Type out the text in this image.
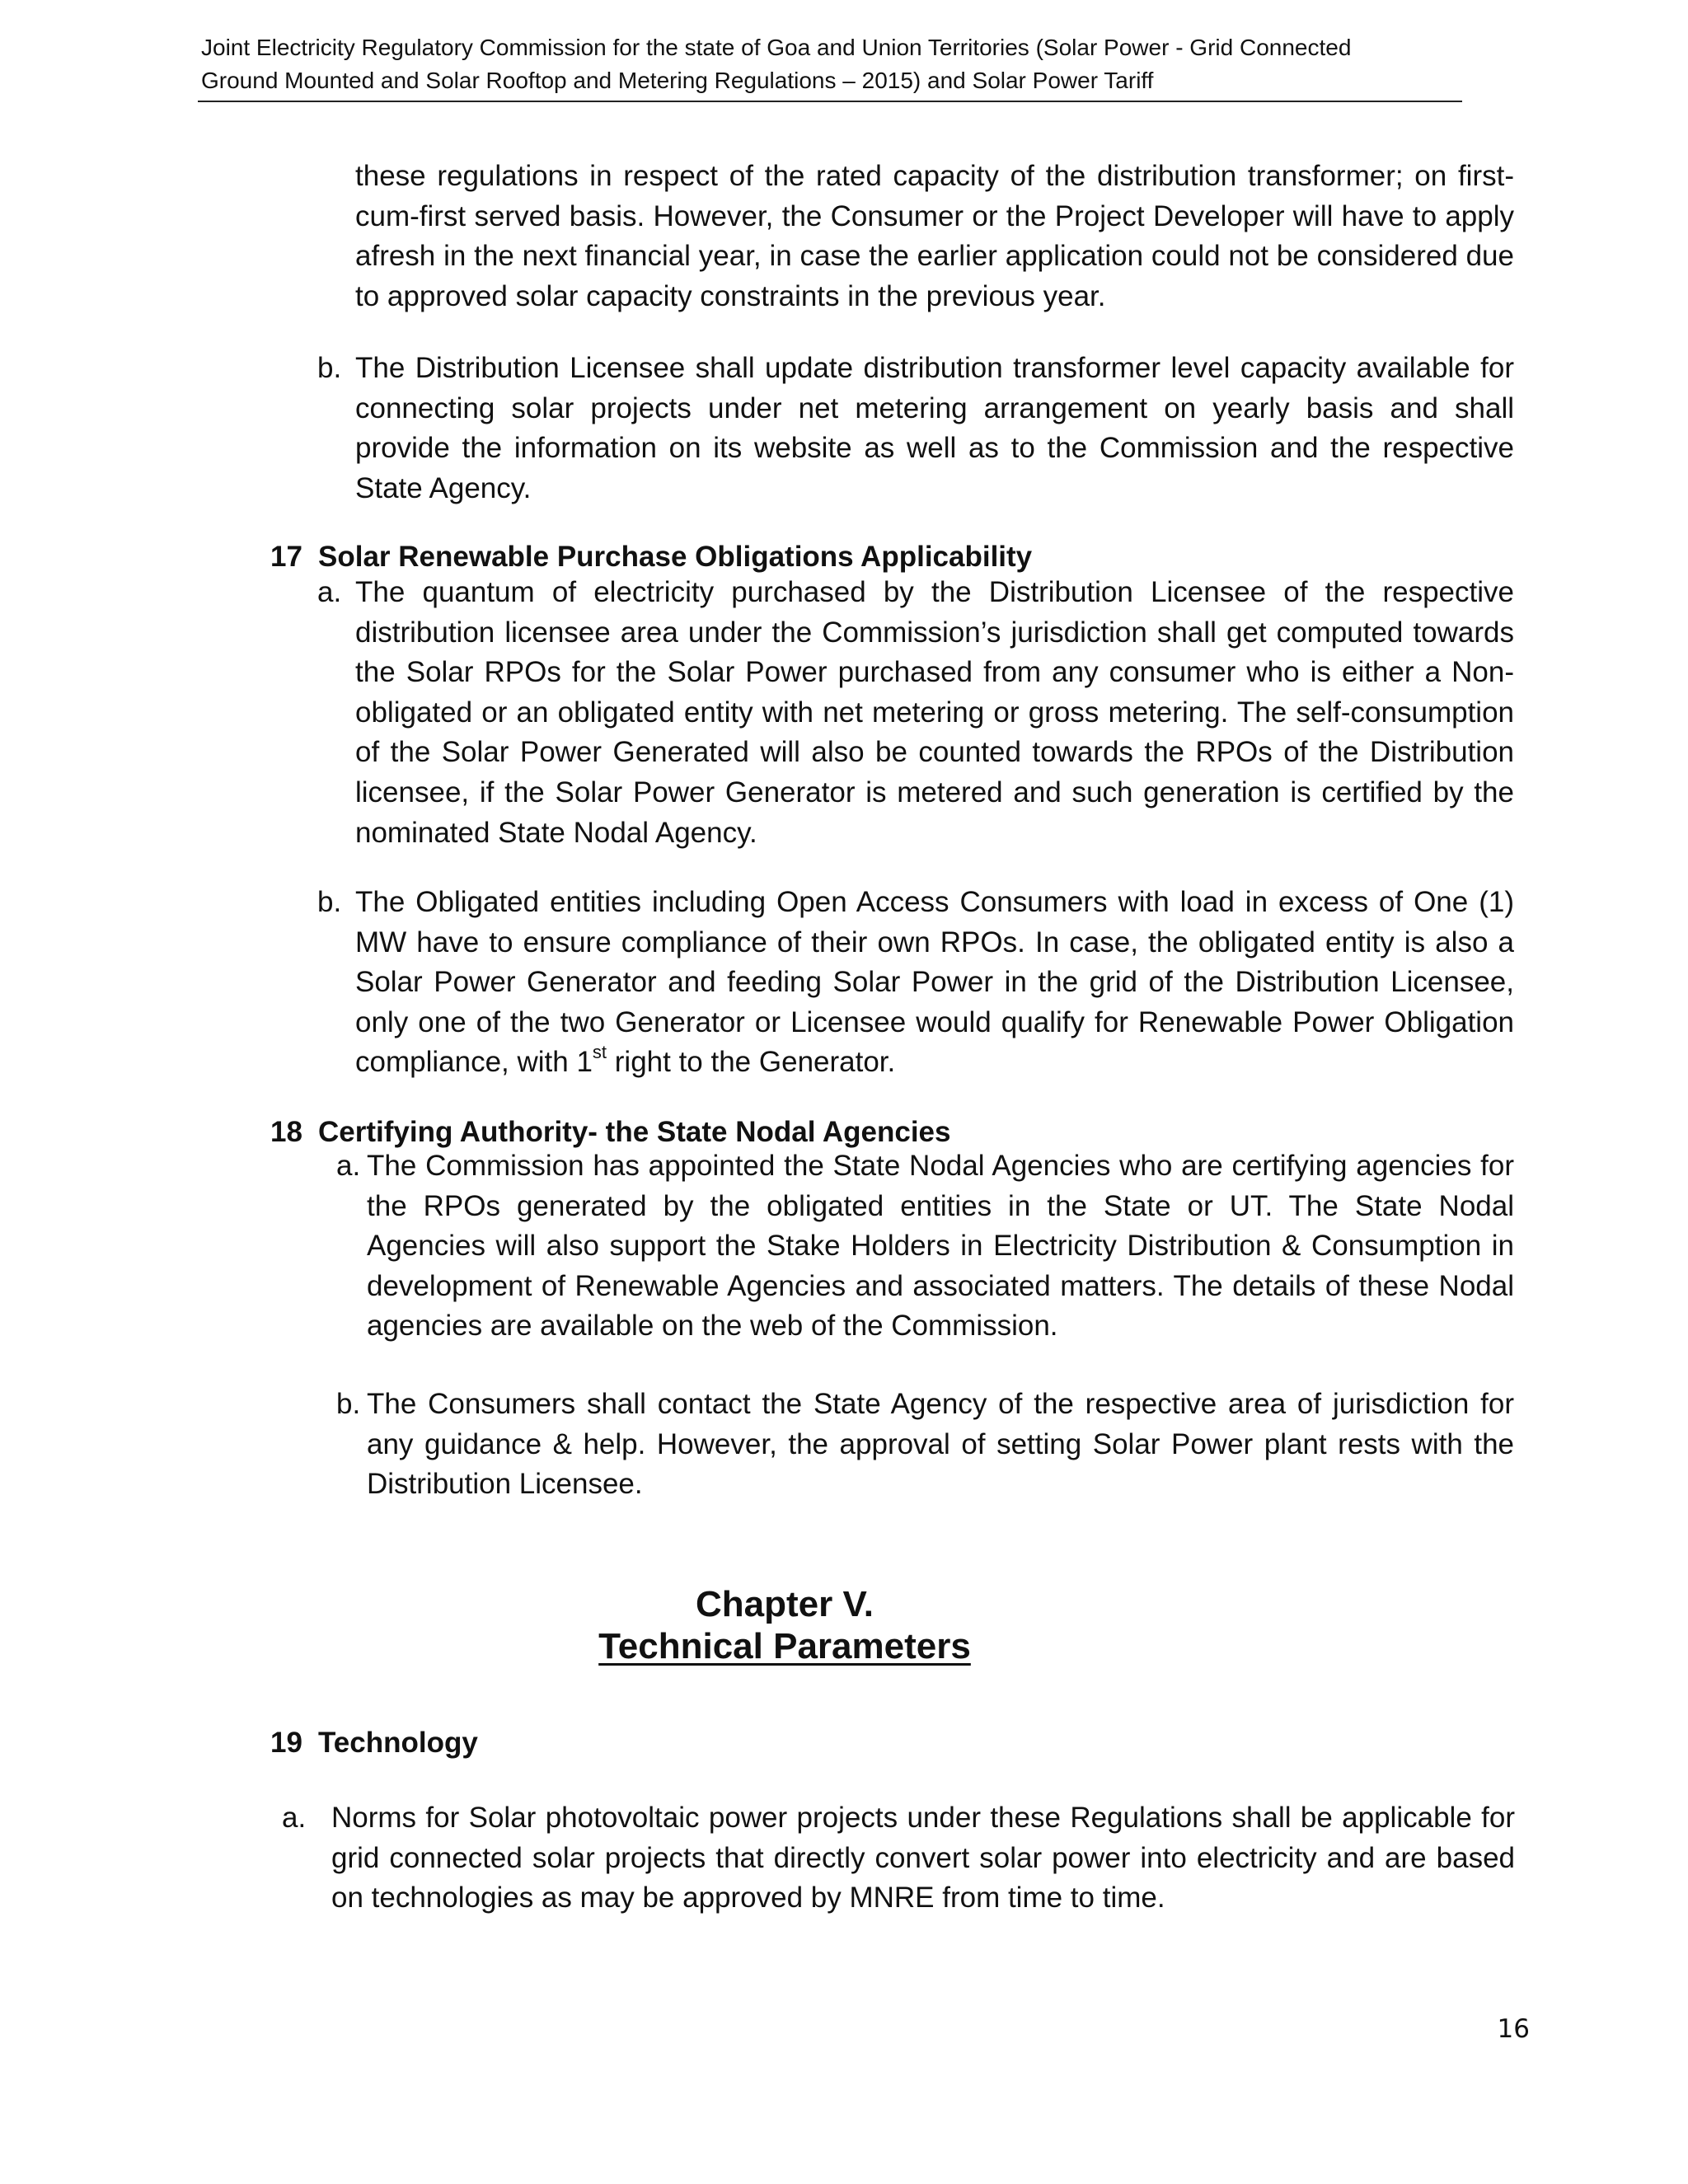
Joint Electricity Regulatory Commission for the state of Goa and Union Territories (Solar Power - Grid Connected
Ground Mounted and Solar Rooftop and Metering Regulations – 2015) and Solar Power Tariff

these regulations in respect of the rated capacity of the distribution transformer; on first-cum-first served basis. However, the Consumer or the Project Developer will have to apply afresh in the next financial year, in case the earlier application could not be considered due to approved solar capacity constraints in the previous year.

b. The Distribution Licensee shall update distribution transformer level capacity available for connecting solar projects under net metering arrangement on yearly basis and shall provide the information on its website as well as to the Commission and the respective State Agency.

17 Solar Renewable Purchase Obligations Applicability
a. The quantum of electricity purchased by the Distribution Licensee of the respective distribution licensee area under the Commission’s jurisdiction shall get computed towards the Solar RPOs for the Solar Power purchased from any consumer who is either a Non-obligated or an obligated entity with net metering or gross metering. The self-consumption of the Solar Power Generated will also be counted towards the RPOs of the Distribution licensee, if the Solar Power Generator is metered and such generation is certified by the nominated State Nodal Agency.

b. The Obligated entities including Open Access Consumers with load in excess of One (1) MW have to ensure compliance of their own RPOs. In case, the obligated entity is also a Solar Power Generator and feeding Solar Power in the grid of the Distribution Licensee, only one of the two Generator or Licensee would qualify for Renewable Power Obligation compliance, with 1st right to the Generator.

18 Certifying Authority- the State Nodal Agencies
a. The Commission has appointed the State Nodal Agencies who are certifying agencies for the RPOs generated by the obligated entities in the State or UT. The State Nodal Agencies will also support the Stake Holders in Electricity Distribution & Consumption in development of Renewable Agencies and associated matters. The details of these Nodal agencies are available on the web of the Commission.

b. The Consumers shall contact the State Agency of the respective area of jurisdiction for any guidance & help. However, the approval of setting Solar Power plant rests with the Distribution Licensee.

Chapter V.
Technical Parameters
19 Technology
a. Norms for Solar photovoltaic power projects under these Regulations shall be applicable for grid connected solar projects that directly convert solar power into electricity and are based on technologies as may be approved by MNRE from time to time.

16
